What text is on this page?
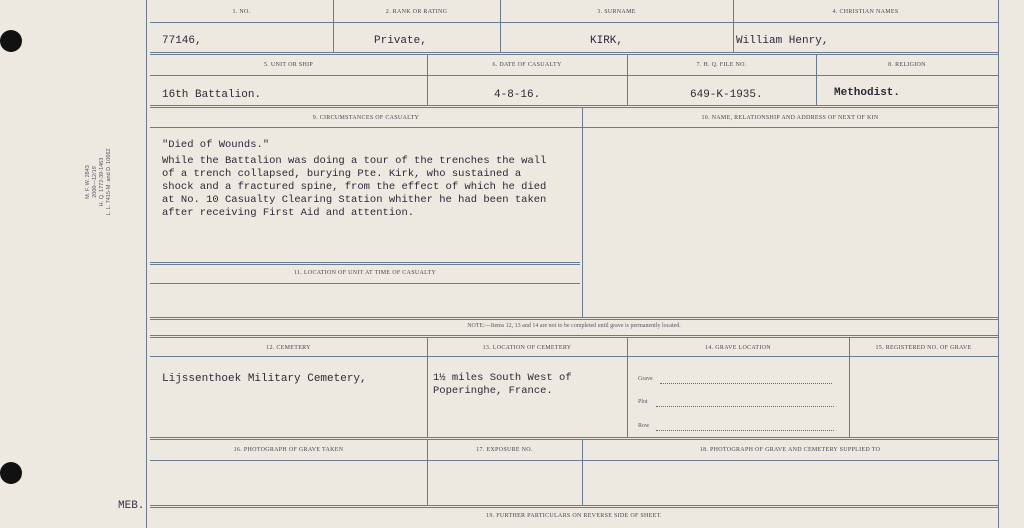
M. F. W. 2843 2000—12/19 H. Q. 1772-39-1463 L. L. 7415-M. and D. 10662
MEB.
1. NO.	2. RANK OR RATING	3. SURNAME	4. CHRISTIAN NAMES
77146,	Private,	KIRK,	William Henry,
5. UNIT OR SHIP	6. DATE OF CASUALTY	7. H. Q. FILE NO.	8. RELIGION
16th Battalion.	4-8-16.	649-K-1935.	Methodist.
9. CIRCUMSTANCES OF CASUALTY	10. NAME, RELATIONSHIP AND ADDRESS OF NEXT OF KIN
"Died of Wounds."
While the Battalion was doing a tour of the trenches the wall
of a trench collapsed, burying Pte. Kirk, who sustained a
shock and a fractured spine, from the effect of which he died
at No. 10 Casualty Clearing Station whither he had been taken
after receiving First Aid and attention.
11. LOCATION OF UNIT AT TIME OF CASUALTY
NOTE:—Items 12, 13 and 14 are not to be completed until grave is permanently located.
12. CEMETERY	13. LOCATION OF CEMETERY	14. GRAVE LOCATION	15. REGISTERED NO. OF GRAVE
Lijssenthoek Military Cemetery,	1½ miles South West of
Poperinghe, France.
Grave
Plot
Row
16. PHOTOGRAPH OF GRAVE TAKEN	17. EXPOSURE NO.	18. PHOTOGRAPH OF GRAVE AND CEMETERY SUPPLIED TO
19. FURTHER PARTICULARS ON REVERSE SIDE OF SHEET.
